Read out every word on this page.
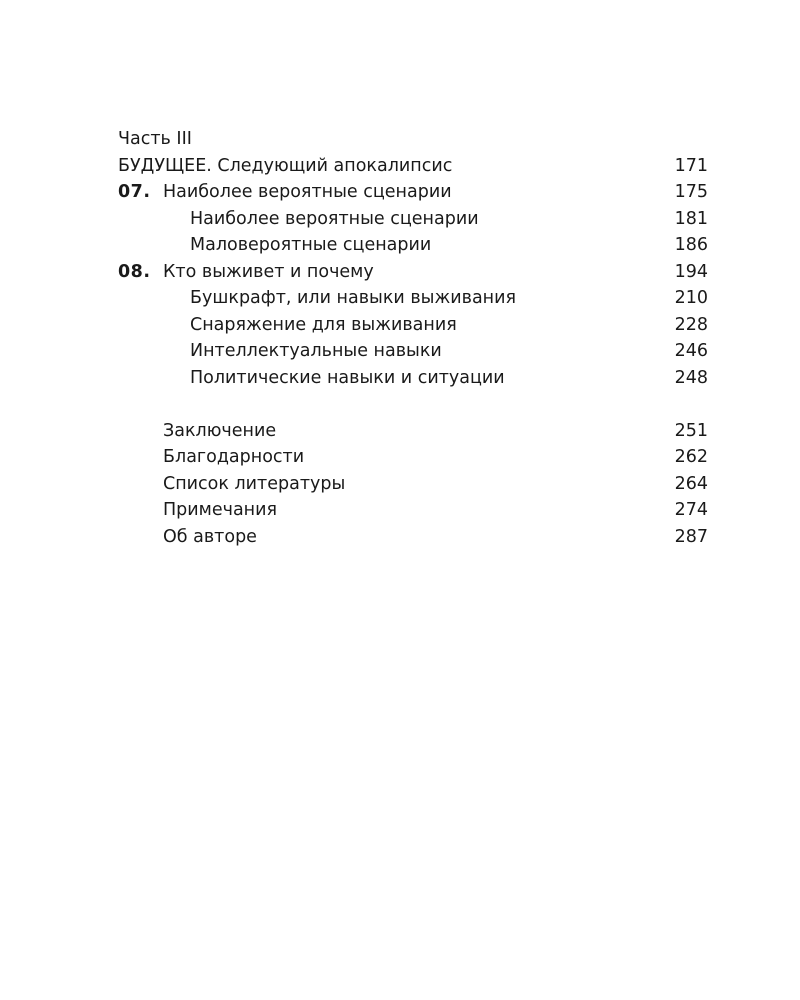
Часть III
БУДУЩЕЕ. Следующий апокалипсис	171
07. Наиболее вероятные сценарии	175
Наиболее вероятные сценарии	181
Маловероятные сценарии	186
08. Кто выживет и почему	194
Бушкрафт, или навыки выживания	210
Снаряжение для выживания	228
Интеллектуальные навыки	246
Политические навыки и ситуации	248
Заключение	251
Благодарности	262
Список литературы	264
Примечания	274
Об авторе	287
